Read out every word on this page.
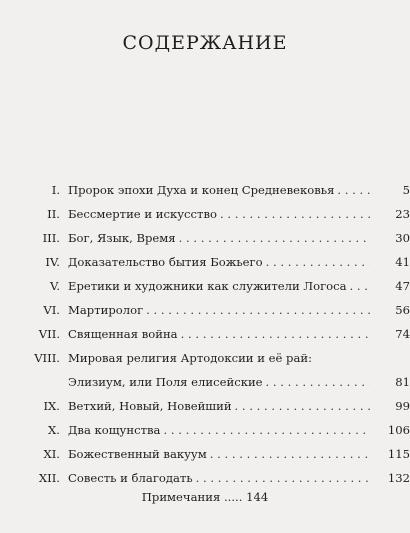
СОДЕРЖАНИЕ
I. Пророк эпохи Духа и конец Средневековья . . .	5
II. Бессмертие и искусство . . .	23
III. Бог, Язык, Время . . .	30
IV. Доказательство бытия Божьего . . .	41
V. Еретики и художники как служители Логоса . . .	47
VI. Мартиролог . . .	56
VII. Священная война . . .	74
VIII. Мировая религия Артодоксии и её рай:
Элизиум, или Поля елисейские . . .	81
IX. Ветхий, Новый, Новейший . . .	99
X. Два кощунства . . .	106
XI. Божественный вакуум . . .	115
XII. Совесть и благодать . . .	132
Примечания ..... 144
